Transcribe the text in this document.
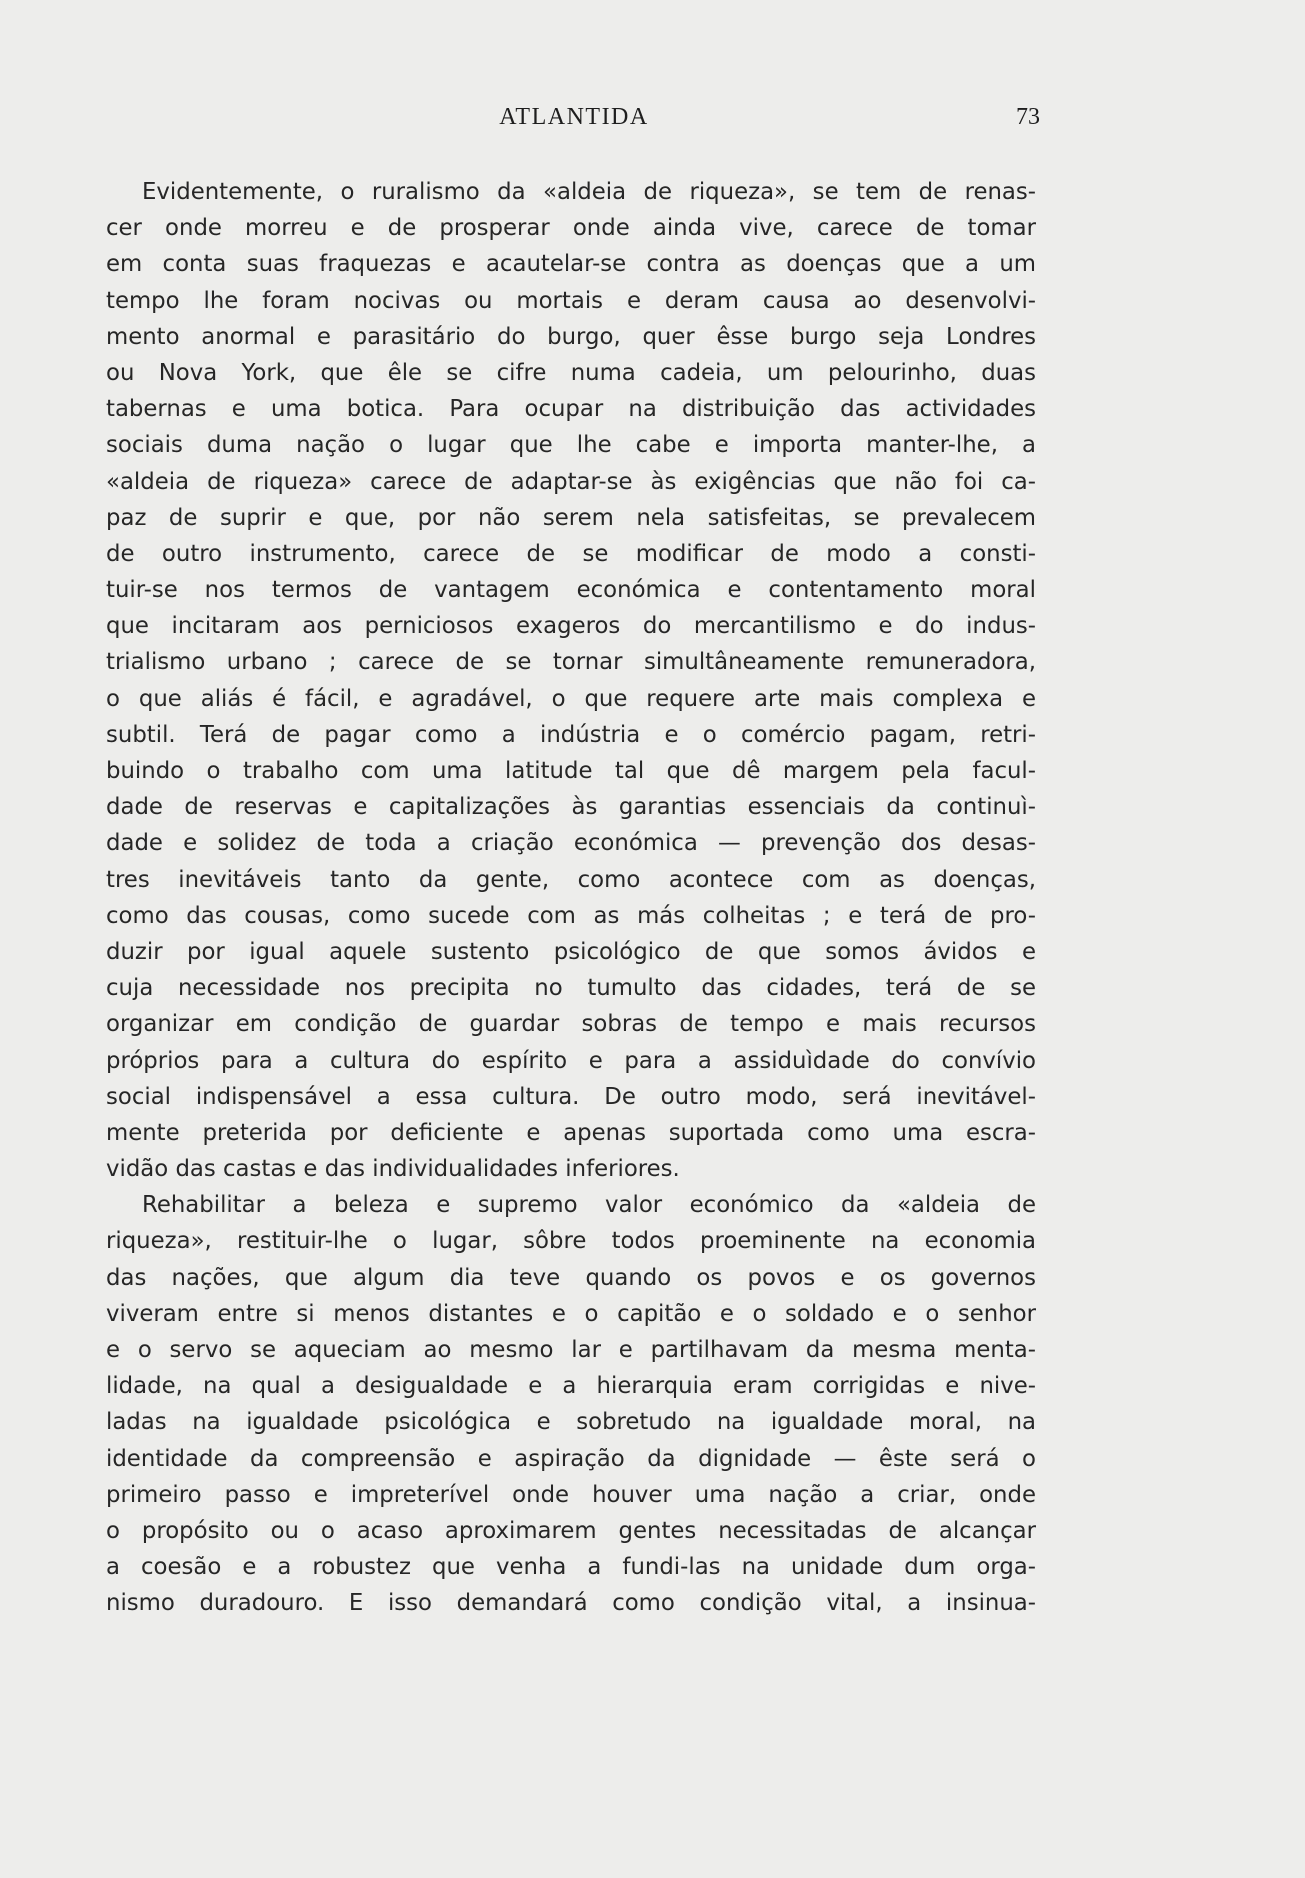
ATLANTIDA	73
Evidentemente, o ruralismo da «aldeia de riqueza», se tem de renas-
cer onde morreu e de prosperar onde ainda vive, carece de tomar
em conta suas fraquezas e acautelar-se contra as doenças que a um
tempo lhe foram nocivas ou mortais e deram causa ao desenvolvi-
mento anormal e parasitário do burgo, quer êsse burgo seja Londres
ou Nova York, que êle se cifre numa cadeia, um pelourinho, duas
tabernas e uma botica. Para ocupar na distribuição das actividades
sociais duma nação o lugar que lhe cabe e importa manter-lhe, a
«aldeia de riqueza» carece de adaptar-se às exigências que não foi ca-
paz de suprir e que, por não serem nela satisfeitas, se prevalecem
de outro instrumento, carece de se modificar de modo a consti-
tuir-se nos termos de vantagem económica e contentamento moral
que incitaram aos perniciosos exageros do mercantilismo e do indus-
trialismo urbano ; carece de se tornar simultâneamente remuneradora,
o que aliás é fácil, e agradável, o que requere arte mais complexa e
subtil. Terá de pagar como a indústria e o comércio pagam, retri-
buindo o trabalho com uma latitude tal que dê margem pela facul-
dade de reservas e capitalizações às garantias essenciais da continuì-
dade e solidez de toda a criação económica — prevenção dos desas-
tres inevitáveis tanto da gente, como acontece com as doenças,
como das cousas, como sucede com as más colheitas ; e terá de pro-
duzir por igual aquele sustento psicológico de que somos ávidos e
cuja necessidade nos precipita no tumulto das cidades, terá de se
organizar em condição de guardar sobras de tempo e mais recursos
próprios para a cultura do espírito e para a assiduìdade do convívio
social indispensável a essa cultura. De outro modo, será inevitável-
mente preterida por deficiente e apenas suportada como uma escra-
vidão das castas e das individualidades inferiores.
Rehabilitar a beleza e supremo valor económico da «aldeia de
riqueza», restituir-lhe o lugar, sôbre todos proeminente na economia
das nações, que algum dia teve quando os povos e os governos
viveram entre si menos distantes e o capitão e o soldado e o senhor
e o servo se aqueciam ao mesmo lar e partilhavam da mesma menta-
lidade, na qual a desigualdade e a hierarquia eram corrigidas e nive-
ladas na igualdade psicológica e sobretudo na igualdade moral, na
identidade da compreensão e aspiração da dignidade — êste será o
primeiro passo e impreterível onde houver uma nação a criar, onde
o propósito ou o acaso aproximarem gentes necessitadas de alcançar
a coesão e a robustez que venha a fundi-las na unidade dum orga-
nismo duradouro. E isso demandará como condição vital, a insinua-
